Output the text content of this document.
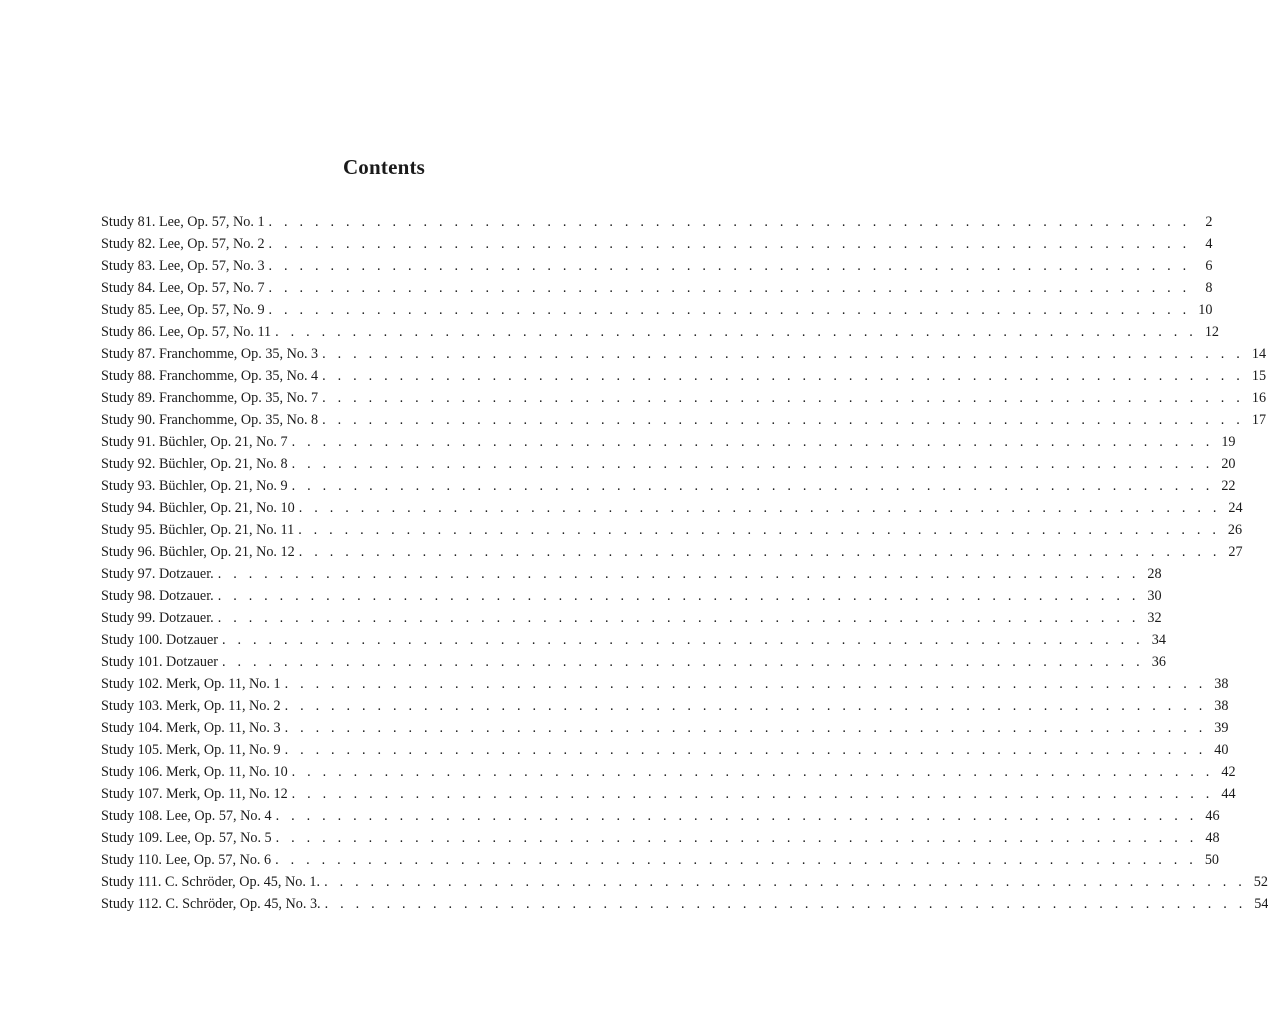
Contents
Study 81. Lee, Op. 57, No. 1 . . . . . . . . . . . . . . . . . . . . . . . . . . . . . . . . . . . . . . . . . . . . . . . . . . . . . . . . . . . .	2
Study 82. Lee, Op. 57, No. 2 . . . . . . . . . . . . . . . . . . . . . . . . . . . . . . . . . . . . . . . . . . . . . . . . . . . . . . . . . . . .	4
Study 83. Lee, Op. 57, No. 3 . . . . . . . . . . . . . . . . . . . . . . . . . . . . . . . . . . . . . . . . . . . . . . . . . . . . . . . . . . . .	6
Study 84. Lee, Op. 57, No. 7 . . . . . . . . . . . . . . . . . . . . . . . . . . . . . . . . . . . . . . . . . . . . . . . . . . . . . . . . . . . .	8
Study 85. Lee, Op. 57, No. 9 . . . . . . . . . . . . . . . . . . . . . . . . . . . . . . . . . . . . . . . . . . . . . . . . . . . . . . . . . . . . 10
Study 86. Lee, Op. 57, No. 11 . . . . . . . . . . . . . . . . . . . . . . . . . . . . . . . . . . . . . . . . . . . . . . . . . . . . . . . . . . . . 12
Study 87. Franchomme, Op. 35, No. 3 . . . . . . . . . . . . . . . . . . . . . . . . . . . . . . . . . . . . . . . . . . . . . . . . . . . . . . . . . . . . 14
Study 88. Franchomme, Op. 35, No. 4 . . . . . . . . . . . . . . . . . . . . . . . . . . . . . . . . . . . . . . . . . . . . . . . . . . . . . . . . . . . . 15
Study 89. Franchomme, Op. 35, No. 7 . . . . . . . . . . . . . . . . . . . . . . . . . . . . . . . . . . . . . . . . . . . . . . . . . . . . . . . . . . . . 16
Study 90. Franchomme, Op. 35, No. 8 . . . . . . . . . . . . . . . . . . . . . . . . . . . . . . . . . . . . . . . . . . . . . . . . . . . . . . . . . . . . 17
Study 91. Büchler, Op. 21, No. 7 . . . . . . . . . . . . . . . . . . . . . . . . . . . . . . . . . . . . . . . . . . . . . . . . . . . . . . . . . . . . 19
Study 92. Büchler, Op. 21, No. 8 . . . . . . . . . . . . . . . . . . . . . . . . . . . . . . . . . . . . . . . . . . . . . . . . . . . . . . . . . . . . 20
Study 93. Büchler, Op. 21, No. 9 . . . . . . . . . . . . . . . . . . . . . . . . . . . . . . . . . . . . . . . . . . . . . . . . . . . . . . . . . . . . 22
Study 94. Büchler, Op. 21, No. 10 . . . . . . . . . . . . . . . . . . . . . . . . . . . . . . . . . . . . . . . . . . . . . . . . . . . . . . . . . . . . 24
Study 95. Büchler, Op. 21, No. 11 . . . . . . . . . . . . . . . . . . . . . . . . . . . . . . . . . . . . . . . . . . . . . . . . . . . . . . . . . . . . 26
Study 96. Büchler, Op. 21, No. 12 . . . . . . . . . . . . . . . . . . . . . . . . . . . . . . . . . . . . . . . . . . . . . . . . . . . . . . . . . . . . 27
Study 97. Dotzauer. . . . . . . . . . . . . . . . . . . . . . . . . . . . . . . . . . . . . . . . . . . . . . . . . . . . . . . . . . . . . 28
Study 98. Dotzauer. . . . . . . . . . . . . . . . . . . . . . . . . . . . . . . . . . . . . . . . . . . . . . . . . . . . . . . . . . . . . 30
Study 99. Dotzauer. . . . . . . . . . . . . . . . . . . . . . . . . . . . . . . . . . . . . . . . . . . . . . . . . . . . . . . . . . . . . 32
Study 100. Dotzauer . . . . . . . . . . . . . . . . . . . . . . . . . . . . . . . . . . . . . . . . . . . . . . . . . . . . . . . . . . . . 34
Study 101. Dotzauer . . . . . . . . . . . . . . . . . . . . . . . . . . . . . . . . . . . . . . . . . . . . . . . . . . . . . . . . . . . . 36
Study 102. Merk, Op. 11, No. 1 . . . . . . . . . . . . . . . . . . . . . . . . . . . . . . . . . . . . . . . . . . . . . . . . . . . . . . . . . . . . 38
Study 103. Merk, Op. 11, No. 2 . . . . . . . . . . . . . . . . . . . . . . . . . . . . . . . . . . . . . . . . . . . . . . . . . . . . . . . . . . . . 38
Study 104. Merk, Op. 11, No. 3 . . . . . . . . . . . . . . . . . . . . . . . . . . . . . . . . . . . . . . . . . . . . . . . . . . . . . . . . . . . . 39
Study 105. Merk, Op. 11, No. 9 . . . . . . . . . . . . . . . . . . . . . . . . . . . . . . . . . . . . . . . . . . . . . . . . . . . . . . . . . . . . 40
Study 106. Merk, Op. 11, No. 10 . . . . . . . . . . . . . . . . . . . . . . . . . . . . . . . . . . . . . . . . . . . . . . . . . . . . . . . . . . . . 42
Study 107. Merk, Op. 11, No. 12 . . . . . . . . . . . . . . . . . . . . . . . . . . . . . . . . . . . . . . . . . . . . . . . . . . . . . . . . . . . . 44
Study 108. Lee, Op. 57, No. 4 . . . . . . . . . . . . . . . . . . . . . . . . . . . . . . . . . . . . . . . . . . . . . . . . . . . . . . . . . . . . 46
Study 109. Lee, Op. 57, No. 5 . . . . . . . . . . . . . . . . . . . . . . . . . . . . . . . . . . . . . . . . . . . . . . . . . . . . . . . . . . . . 48
Study 110. Lee, Op. 57, No. 6 . . . . . . . . . . . . . . . . . . . . . . . . . . . . . . . . . . . . . . . . . . . . . . . . . . . . . . . . . . . . 50
Study 111. C. Schröder, Op. 45, No. 1. . . . . . . . . . . . . . . . . . . . . . . . . . . . . . . . . . . . . . . . . . . . . . . . . . . . . . . . . . . . . 52
Study 112. C. Schröder, Op. 45, No. 3. . . . . . . . . . . . . . . . . . . . . . . . . . . . . . . . . . . . . . . . . . . . . . . . . . . . . . . . . . . . . 54
